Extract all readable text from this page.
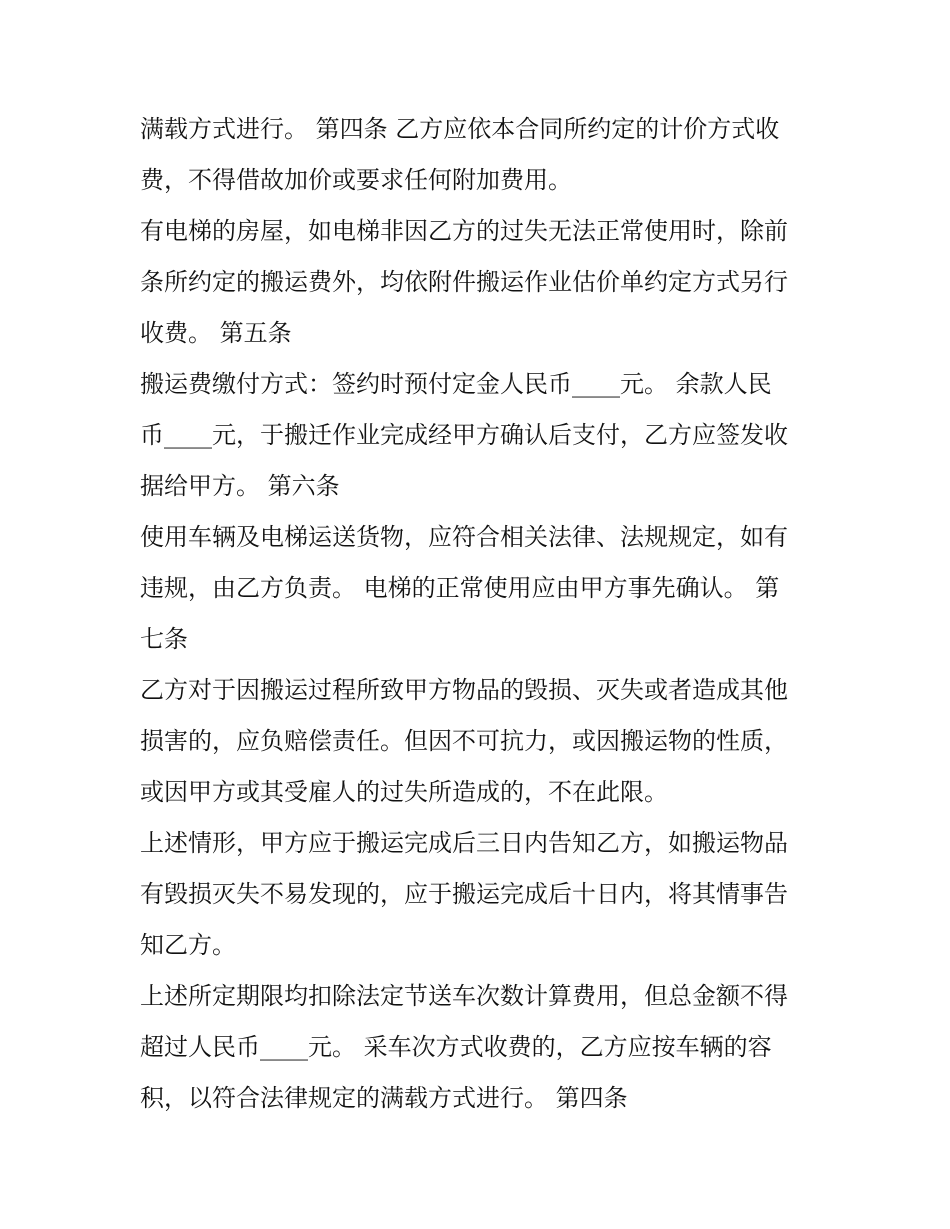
满载方式进行。 第四条 乙方应依本合同所约定的计价方式收
费，不得借故加价或要求任何附加费用。
有电梯的房屋，如电梯非因乙方的过失无法正常使用时，除前
条所约定的搬运费外，均依附件搬运作业估价单约定方式另行
收费。 第五条
搬运费缴付方式：签约时预付定金人民币____元。 余款人民
币____元，于搬迁作业完成经甲方确认后支付，乙方应签发收
据给甲方。 第六条
使用车辆及电梯运送货物，应符合相关法律、法规规定，如有
违规，由乙方负责。 电梯的正常使用应由甲方事先确认。 第
七条
乙方对于因搬运过程所致甲方物品的毁损、灭失或者造成其他
损害的，应负赔偿责任。但因不可抗力，或因搬运物的性质，
或因甲方或其受雇人的过失所造成的，不在此限。
上述情形，甲方应于搬运完成后三日内告知乙方，如搬运物品
有毁损灭失不易发现的，应于搬运完成后十日内，将其情事告
知乙方。
上述所定期限均扣除法定节送车次数计算费用，但总金额不得
超过人民币____元。 采车次方式收费的，乙方应按车辆的容
积，以符合法律规定的满载方式进行。 第四条
